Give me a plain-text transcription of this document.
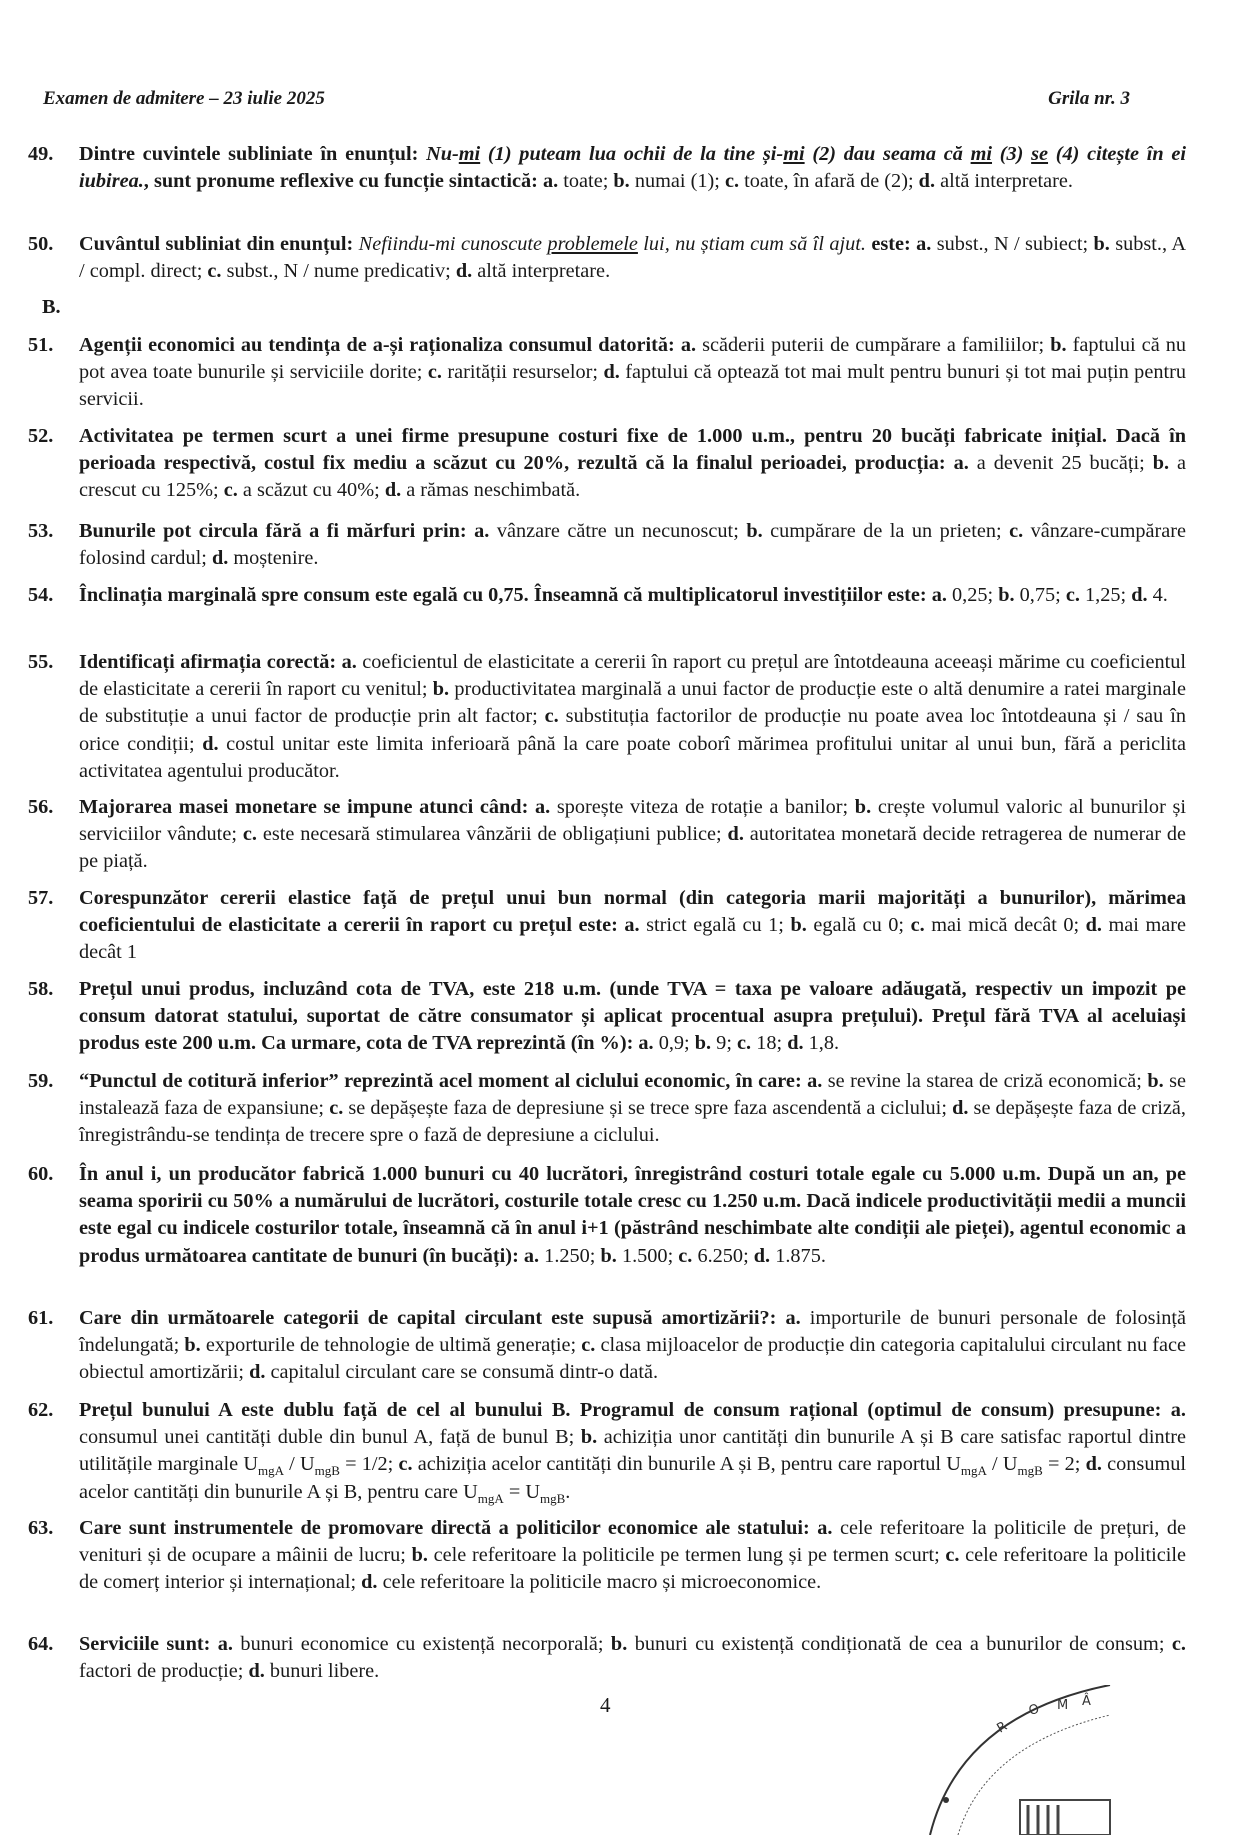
Examen de admitere – 23 iulie 2025	Grila nr. 3
B.
49. Dintre cuvintele subliniate în enunțul: Nu-mi (1) puteam lua ochii de la tine și-mi (2) dau seama că mi (3) se (4) citește în ei iubirea., sunt pronume reflexive cu funcție sintactică: a. toate; b. numai (1); c. toate, în afară de (2); d. altă interpretare.
50. Cuvântul subliniat din enunțul: Nefiindu-mi cunoscute problemele lui, nu știam cum să îl ajut. este: a. subst., N / subiect; b. subst., A / compl. direct; c. subst., N / nume predicativ; d. altă interpretare.
51. Agenții economici au tendința de a-și raționaliza consumul datorită: a. scăderii puterii de cumpărare a familiilor; b. faptului că nu pot avea toate bunurile și serviciile dorite; c. rarității resurselor; d. faptului că optează tot mai mult pentru bunuri și tot mai puțin pentru servicii.
52. Activitatea pe termen scurt a unei firme presupune costuri fixe de 1.000 u.m., pentru 20 bucăți fabricate inițial. Dacă în perioada respectivă, costul fix mediu a scăzut cu 20%, rezultă că la finalul perioadei, producția: a. a devenit 25 bucăți; b. a crescut cu 125%; c. a scăzut cu 40%; d. a rămas neschimbată.
53. Bunurile pot circula fără a fi mărfuri prin: a. vânzare către un necunoscut; b. cumpărare de la un prieten; c. vânzare-cumpărare folosind cardul; d. moștenire.
54. Înclinația marginală spre consum este egală cu 0,75. Înseamnă că multiplicatorul investițiilor este: a. 0,25; b. 0,75; c. 1,25; d. 4.
55. Identificați afirmația corectă: a. coeficientul de elasticitate a cererii în raport cu prețul are întotdeauna aceeași mărime cu coeficientul de elasticitate a cererii în raport cu venitul; b. productivitatea marginală a unui factor de producție este o altă denumire a ratei marginale de substituție a unui factor de producție prin alt factor; c. substituția factorilor de producție nu poate avea loc întotdeauna și / sau în orice condiții; d. costul unitar este limita inferioară până la care poate coborî mărimea profitului unitar al unui bun, fără a periclita activitatea agentului producător.
56. Majorarea masei monetare se impune atunci când: a. sporește viteza de rotație a banilor; b. crește volumul valoric al bunurilor și serviciilor vândute; c. este necesară stimularea vânzării de obligațiuni publice; d. autoritatea monetară decide retragerea de numerar de pe piață.
57. Corespunzător cererii elastice față de prețul unui bun normal (din categoria marii majorități a bunurilor), mărimea coeficientului de elasticitate a cererii în raport cu prețul este: a. strict egală cu 1; b. egală cu 0; c. mai mică decât 0; d. mai mare decât 1
58. Prețul unui produs, incluzând cota de TVA, este 218 u.m. (unde TVA = taxa pe valoare adăugată, respectiv un impozit pe consum datorat statului, suportat de către consumator și aplicat procentual asupra prețului). Prețul fără TVA al aceluiași produs este 200 u.m. Ca urmare, cota de TVA reprezintă (în %): a. 0,9; b. 9; c. 18; d. 1,8.
59. “Punctul de cotitură inferior” reprezintă acel moment al ciclului economic, în care: a. se revine la starea de criză economică; b. se instalează faza de expansiune; c. se depășește faza de depresiune și se trece spre faza ascendentă a ciclului; d. se depășește faza de criză, înregistrându-se tendința de trecere spre o fază de depresiune a ciclului.
60. În anul i, un producător fabrică 1.000 bunuri cu 40 lucrători, înregistrând costuri totale egale cu 5.000 u.m. După un an, pe seama sporirii cu 50% a numărului de lucrători, costurile totale cresc cu 1.250 u.m. Dacă indicele productivității medii a muncii este egal cu indicele costurilor totale, înseamnă că în anul i+1 (păstrând neschimbate alte condiții ale pieței), agentul economic a produs următoarea cantitate de bunuri (în bucăți): a. 1.250; b. 1.500; c. 6.250; d. 1.875.
61. Care din următoarele categorii de capital circulant este supusă amortizării?: a. importurile de bunuri personale de folosință îndelungată; b. exporturile de tehnologie de ultimă generație; c. clasa mijloacelor de producție din categoria capitalului circulant nu face obiectul amortizării; d. capitalul circulant care se consumă dintr-o dată.
62. Prețul bunului A este dublu față de cel al bunului B. Programul de consum rațional (optimul de consum) presupune: a. consumul unei cantități duble din bunul A, față de bunul B; b. achiziția unor cantități din bunurile A și B care satisfac raportul dintre utilitățile marginale $U_{mgA} / U_{mgB} = 1/2$; c. achiziția acelor cantități din bunurile A și B, pentru care raportul $U_{mgA} / U_{mgB} = 2$; d. consumul acelor cantități din bunurile A și B, pentru care $U_{mgA} = U_{mgB}$.
63. Care sunt instrumentele de promovare directă a politicilor economice ale statului: a. cele referitoare la politicile de prețuri, de venituri și de ocupare a mâinii de lucru; b. cele referitoare la politicile pe termen lung și pe termen scurt; c. cele referitoare la politicile de comerț interior și internațional; d. cele referitoare la politicile macro și microeconomice.
64. Serviciile sunt: a. bunuri economice cu existență necorporală; b. bunuri cu existență condiționată de cea a bunurilor de consum; c. factori de producție; d. bunuri libere.
4
R
O M Â
